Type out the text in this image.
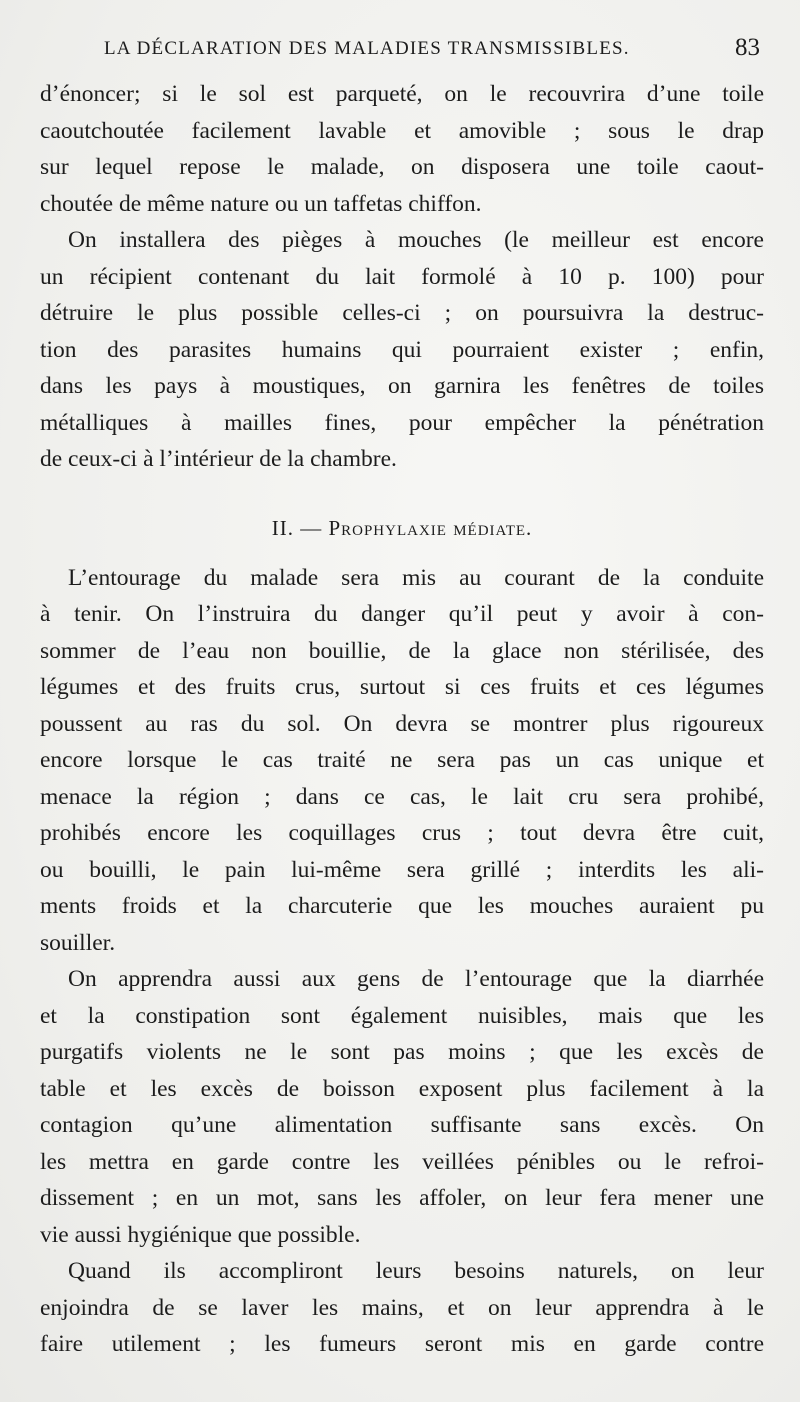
LA DÉCLARATION DES MALADIES TRANSMISSIBLES.	83
d’énoncer; si le sol est parqueté, on le recouvrira d’une toile
caoutchoutée facilement lavable et amovible ; sous le drap
sur lequel repose le malade, on disposera une toile caout-
choutée de même nature ou un taffetas chiffon.
On installera des pièges à mouches (le meilleur est encore
un récipient contenant du lait formolé à 10 p. 100) pour
détruire le plus possible celles-ci ; on poursuivra la destruc-
tion des parasites humains qui pourraient exister ; enfin,
dans les pays à moustiques, on garnira les fenêtres de toiles
métalliques à mailles fines, pour empêcher la pénétration
de ceux-ci à l’intérieur de la chambre.
II. — Prophylaxie médiate.
L’entourage du malade sera mis au courant de la conduite
à tenir. On l’instruira du danger qu’il peut y avoir à con-
sommer de l’eau non bouillie, de la glace non stérilisée, des
légumes et des fruits crus, surtout si ces fruits et ces légumes
poussent au ras du sol. On devra se montrer plus rigoureux
encore lorsque le cas traité ne sera pas un cas unique et
menace la région ; dans ce cas, le lait cru sera prohibé,
prohibés encore les coquillages crus ; tout devra être cuit,
ou bouilli, le pain lui-même sera grillé ; interdits les ali-
ments froids et la charcuterie que les mouches auraient pu
souiller.
On apprendra aussi aux gens de l’entourage que la diarrhée
et la constipation sont également nuisibles, mais que les
purgatifs violents ne le sont pas moins ; que les excès de
table et les excès de boisson exposent plus facilement à la
contagion qu’une alimentation suffisante sans excès. On
les mettra en garde contre les veillées pénibles ou le refroi-
dissement ; en un mot, sans les affoler, on leur fera mener une
vie aussi hygiénique que possible.
Quand ils accompliront leurs besoins naturels, on leur
enjoindra de se laver les mains, et on leur apprendra à le
faire utilement ; les fumeurs seront mis en garde contre
